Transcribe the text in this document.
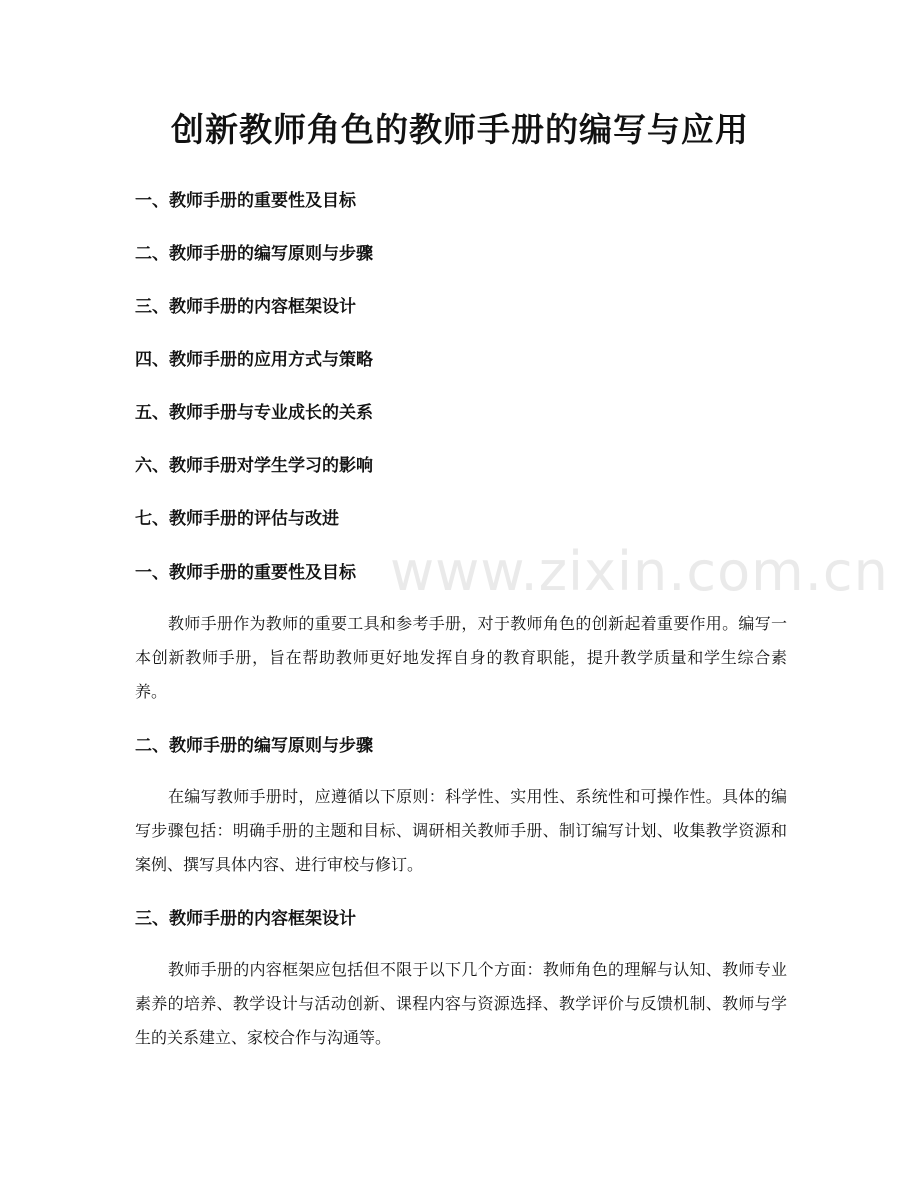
创新教师角色的教师手册的编写与应用
一、教师手册的重要性及目标
二、教师手册的编写原则与步骤
三、教师手册的内容框架设计
四、教师手册的应用方式与策略
五、教师手册与专业成长的关系
六、教师手册对学生学习的影响
七、教师手册的评估与改进
一、教师手册的重要性及目标
教师手册作为教师的重要工具和参考手册，对于教师角色的创新起着重要作用。编写一本创新教师手册，旨在帮助教师更好地发挥自身的教育职能，提升教学质量和学生综合素养。
二、教师手册的编写原则与步骤
在编写教师手册时，应遵循以下原则：科学性、实用性、系统性和可操作性。具体的编写步骤包括：明确手册的主题和目标、调研相关教师手册、制订编写计划、收集教学资源和案例、撰写具体内容、进行审校与修订。
三、教师手册的内容框架设计
教师手册的内容框架应包括但不限于以下几个方面：教师角色的理解与认知、教师专业素养的培养、教学设计与活动创新、课程内容与资源选择、教学评价与反馈机制、教师与学生的关系建立、家校合作与沟通等。
www.zixin.com.cn
